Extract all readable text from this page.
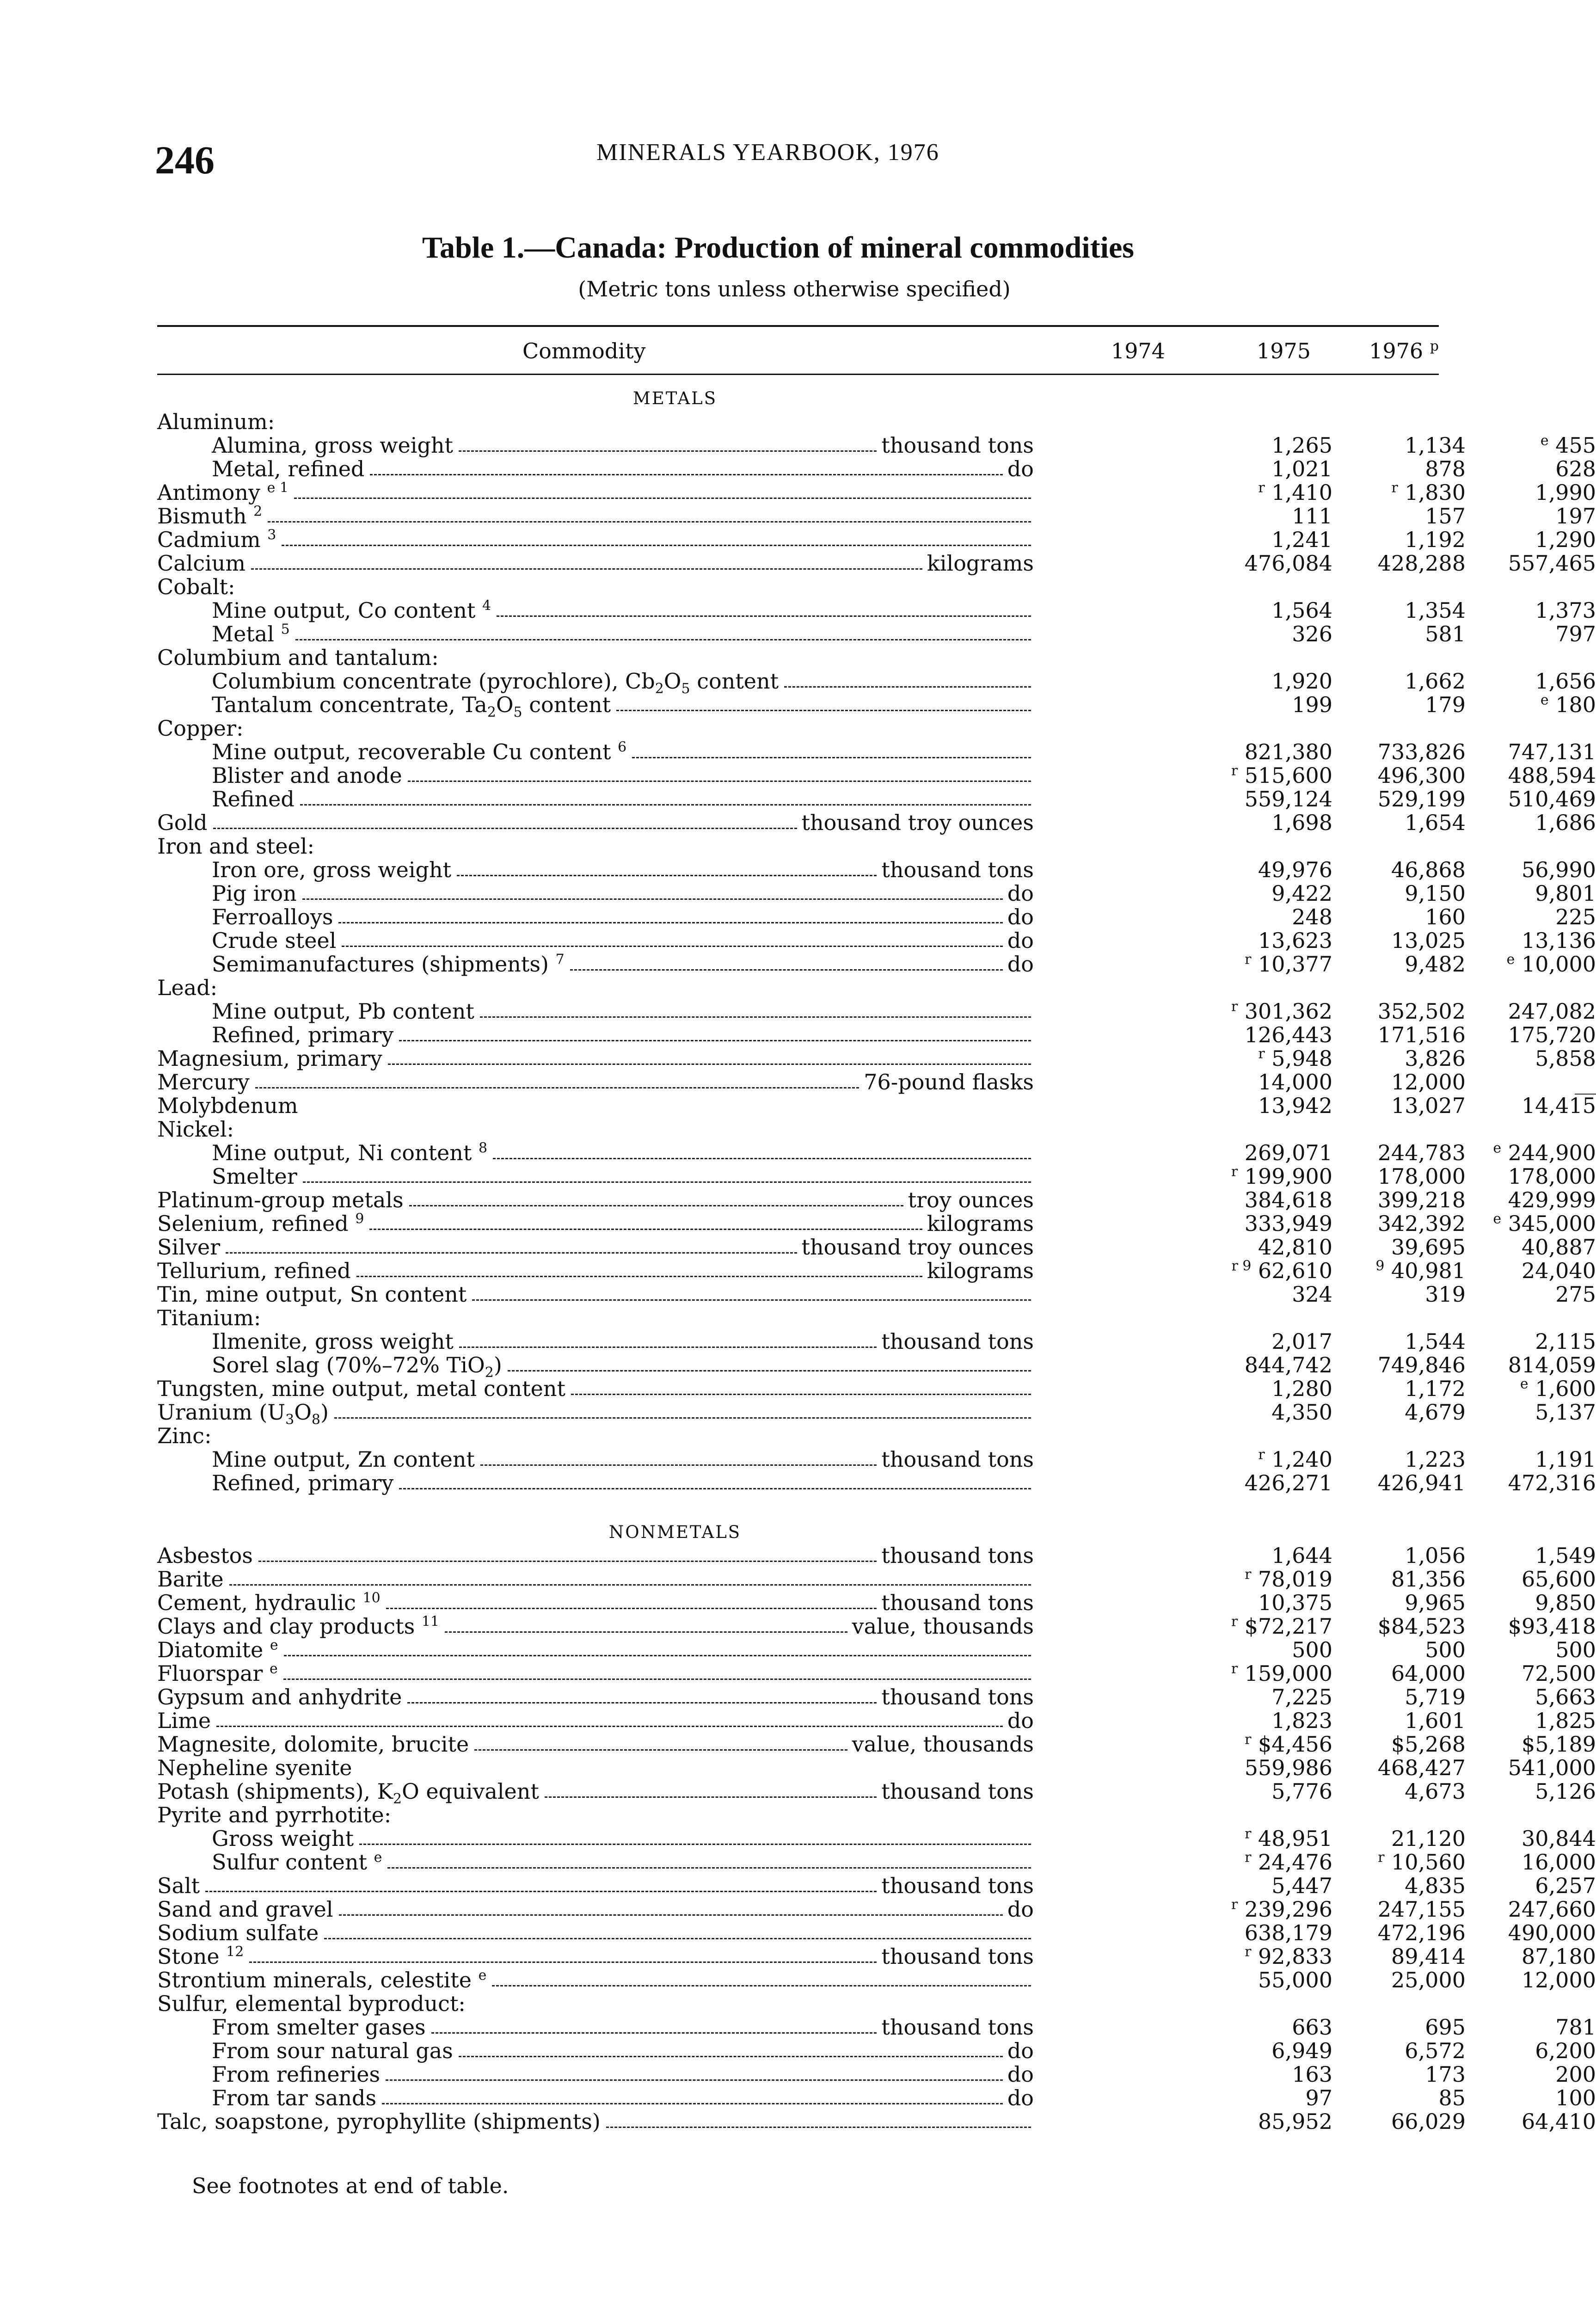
246	MINERALS YEARBOOK, 1976
Table 1.—Canada: Production of mineral commodities
(Metric tons unless otherwise specified)
Commodity	1974	1975	1976 $^p$
METALS
Aluminum:
Alumina, gross weight	thousand tons	1,265	1,134	$^e$ 455
Metal, refined	do	1,021	878	628
Antimony $^{e 1}$	$^r$ 1,410	$^r$ 1,830	1,990
Bismuth $^2$	111	157	197
Cadmium $^3$	1,241	1,192	1,290
Calcium	kilograms	476,084	428,288	557,465
Cobalt:
Mine output, Co content $^4$	1,564	1,354	1,373
Metal $^5$	326	581	797
Columbium and tantalum:
Columbium concentrate (pyrochlore), $Cb_2O_5$ content	1,920	1,662	1,656
Tantalum concentrate, $Ta_2O_5$ content	199	179	$^e$ 180
Copper:
Mine output, recoverable Cu content $^6$	821,380	733,826	747,131
Blister and anode	$^r$ 515,600	496,300	488,594
Refined	559,124	529,199	510,469
Gold	thousand troy ounces	1,698	1,654	1,686
Iron and steel:
Iron ore, gross weight	thousand tons	49,976	46,868	56,990
Pig iron	do	9,422	9,150	9,801
Ferroalloys	do	248	160	225
Crude steel	do	13,623	13,025	13,136
Semimanufactures (shipments) $^7$	do	$^r$ 10,377	9,482	$^e$ 10,000
Lead:
Mine output, Pb content	$^r$ 301,362	352,502	247,082
Refined, primary	126,443	171,516	175,720
Magnesium, primary	$^r$ 5,948	3,826	5,858
Mercury	76-pound flasks	14,000	12,000	__
Molybdenum	13,942	13,027	14,415
Nickel:
Mine output, Ni content $^8$	269,071	244,783	$^e$ 244,900
Smelter	$^r$ 199,900	178,000	178,000
Platinum-group metals	troy ounces	384,618	399,218	429,999
Selenium, refined $^9$	kilograms	333,949	342,392	$^e$ 345,000
Silver	thousand troy ounces	42,810	39,695	40,887
Tellurium, refined	kilograms	$^{r 9}$ 62,610	$^9$ 40,981	24,040
Tin, mine output, Sn content	324	319	275
Titanium:
Ilmenite, gross weight	thousand tons	2,017	1,544	2,115
Sorel slag (70%–72% TiO$_2$)	844,742	749,846	814,059
Tungsten, mine output, metal content	1,280	1,172	$^e$ 1,600
Uranium $(U_3O_8)$	4,350	4,679	5,137
Zinc:
Mine output, Zn content	thousand tons	$^r$ 1,240	1,223	1,191
Refined, primary	426,271	426,941	472,316
NONMETALS
Asbestos	thousand tons	1,644	1,056	1,549
Barite	$^r$ 78,019	81,356	65,600
Cement, hydraulic $^{10}$	thousand tons	10,375	9,965	9,850
Clays and clay products $^{11}$	value, thousands	$^r$ $72,217	$84,523	$93,418
Diatomite $^e$	500	500	500
Fluorspar $^e$	$^r$ 159,000	64,000	72,500
Gypsum and anhydrite	thousand tons	7,225	5,719	5,663
Lime	do	1,823	1,601	1,825
Magnesite, dolomite, brucite	value, thousands	$^r$ $4,456	$5,268	$5,189
Nepheline syenite	559,986	468,427	541,000
Potash (shipments), $K_2O$ equivalent	thousand tons	5,776	4,673	5,126
Pyrite and pyrrhotite:
Gross weight	$^r$ 48,951	21,120	30,844
Sulfur content $^e$	$^r$ 24,476	$^r$ 10,560	16,000
Salt	thousand tons	5,447	4,835	6,257
Sand and gravel	do	$^r$ 239,296	247,155	247,660
Sodium sulfate	638,179	472,196	490,000
Stone $^{12}$	thousand tons	$^r$ 92,833	89,414	87,180
Strontium minerals, celestite $^e$	55,000	25,000	12,000
Sulfur, elemental byproduct:
From smelter gases	thousand tons	663	695	781
From sour natural gas	do	6,949	6,572	6,200
From refineries	do	163	173	200
From tar sands	do	97	85	100
Talc, soapstone, pyrophyllite (shipments)	85,952	66,029	64,410
See footnotes at end of table.
